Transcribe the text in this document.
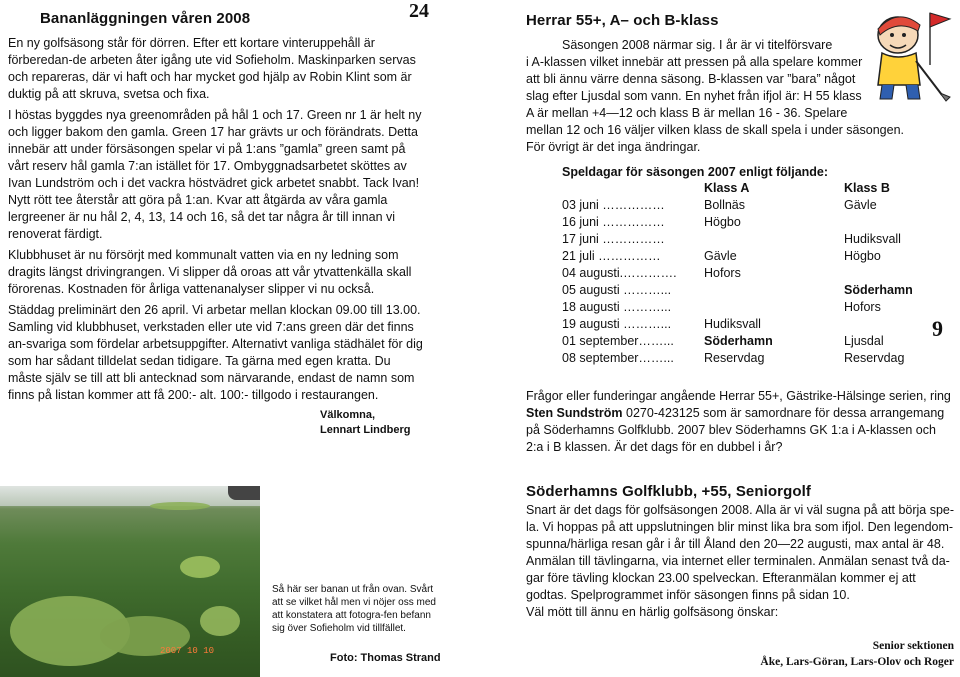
24
Bananläggningen våren 2008

En ny golfsäsong står för dörren. Efter ett kortare vinteruppehåll är förberedan-de arbeten åter igång ute vid Sofieholm. Maskinparken servas och repareras, där vi haft och har mycket god hjälp av Robin Klint som är duktig på att skruva, svetsa och fixa.

I höstas byggdes nya greenområden på hål 1 och 17. Green nr 1 är helt ny och ligger bakom den gamla. Green 17 har grävts ur och förändrats. Detta innebär att under försäsongen spelar vi på 1:ans ”gamla” green samt på vårt reserv hål gamla 7:an istället för 17. Ombyggnadsarbetet sköttes av Ivan Lundström och i det vackra höstvädret gick arbetet snabbt. Tack Ivan! Nytt rött tee återstår att göra på 1:an. Kvar att åtgärda av våra gamla lergreener är nu hål 2, 4, 13, 14 och 16, så det tar några år till innan vi renoverat färdigt.

Klubbhuset är nu försörjt med kommunalt vatten via en ny ledning som dragits längst drivingrangen. Vi slipper då oroas att vår ytvattenkälla skall förorenas. Kostnaden för årliga vattenanalyser slipper vi nu också.

Städdag preliminärt den 26 april. Vi arbetar mellan klockan 09.00 till 13.00. Samling vid klubbhuset, verkstaden eller ute vid 7:ans green där det finns an-svariga som fördelar arbetsuppgifter. Alternativt vanliga städhälet för dig som har sådant tilldelat sedan tidigare. Ta gärna med egen kratta. Du måste själv se till att bli antecknad som närvarande, endast de namn som finns på listan kommer att få 200:- alt. 100:- tillgodo i restaurangen.

Välkomna,
Lennart Lindberg
2007 10 10
Så här ser banan ut från ovan. Svårt att se vilket hål men vi nöjer oss med att konstatera att fotogra-fen befann sig över Sofieholm vid tillfället.
Foto: Thomas Strand
Herrar 55+, A– och B-klass
Säsongen 2008 närmar sig. I år är vi titelförsvare
i A-klassen vilket innebär att pressen på alla spelare kommer
att bli ännu värre denna säsong. B-klassen var ”bara” något
slag efter Ljusdal som vann. En nyhet från ifjol är: H 55 klass
A är mellan +4—12 och klass B är mellan 16 - 36. Spelare
mellan 12 och 16 väljer vilken klass de skall spela i under säsongen.
För övrigt är det inga ändringar.
Speldagar för säsongen 2007 enligt följande:
	Klass A	Klass B
03 juni ……………	Bollnäs	Gävle
16 juni ……………	Högbo	
17 juni ……………		Hudiksvall
21 juli ……………	Gävle	Högbo
04 augusti.………….	Hofors	
05 augusti ………...		Söderhamn
18 augusti ………...		Hofors
19 augusti ………...	Hudiksvall	
01 september……...	Söderhamn	Ljusdal
08 september……...	Reservdag	Reservdag
Frågor eller funderingar angående Herrar 55+, Gästrike-Hälsinge serien, ring Sten Sundström 0270-423125 som är samordnare för dessa arrangemang på Söderhamns Golfklubb. 2007 blev Söderhamns GK 1:a i A-klassen och 2:a i B klassen. Är det dags för en dubbel i år?
Söderhamns Golfklubb, +55, Seniorgolf
Snart är det dags för golfsäsongen 2008. Alla är vi väl sugna på att börja spe-la. Vi hoppas på att uppslutningen blir minst lika bra som ifjol. Den legendom-spunna/härliga resan går i år till Åland den 20—22 augusti, max antal är 48. Anmälan till tävlingarna, via internet eller terminalen. Anmälan senast två da-gar före tävling klockan 23.00 spelveckan. Efteranmälan kommer ej att godtas. Spelprogrammet inför säsongen finns på sidan 10.
Väl mött till ännu en härlig golfsäsong önskar:
Senior sektionen
Åke, Lars-Göran, Lars-Olov och Roger
9
